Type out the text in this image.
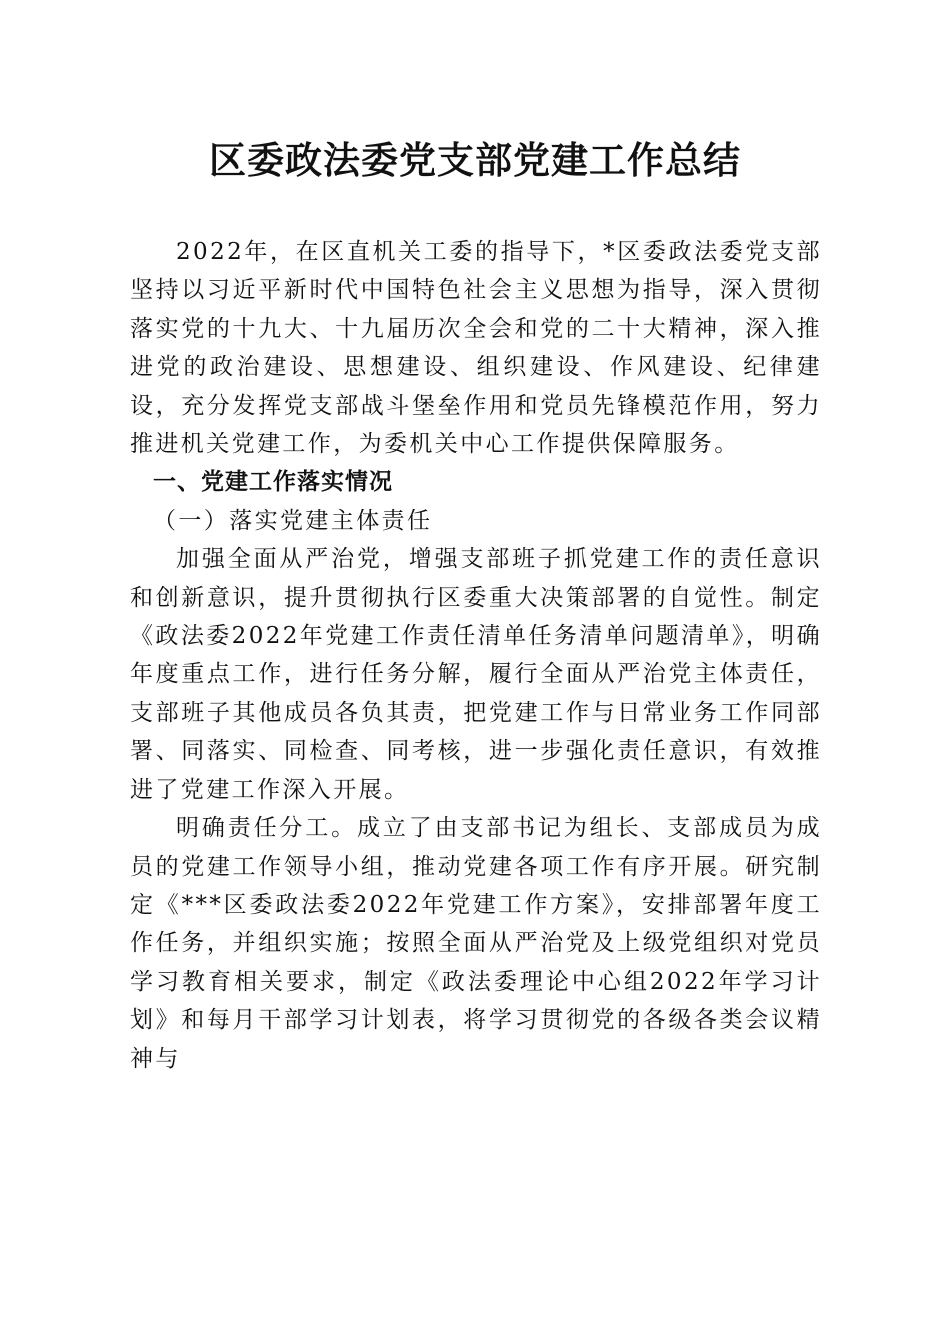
区委政法委党支部党建工作总结

2022年，在区直机关工委的指导下，*区委政法委党支部坚持以习近平新时代中国特色社会主义思想为指导，深入贯彻落实党的十九大、十九届历次全会和党的二十大精神，深入推进党的政治建设、思想建设、组织建设、作风建设、纪律建设，充分发挥党支部战斗堡垒作用和党员先锋模范作用，努力推进机关党建工作，为委机关中心工作提供保障服务。

一、党建工作落实情况
（一）落实党建主体责任

加强全面从严治党，增强支部班子抓党建工作的责任意识和创新意识，提升贯彻执行区委重大决策部署的自觉性。制定《政法委2022年党建工作责任清单任务清单问题清单》，明确年度重点工作，进行任务分解，履行全面从严治党主体责任，支部班子其他成员各负其责，把党建工作与日常业务工作同部署、同落实、同检查、同考核，进一步强化责任意识，有效推进了党建工作深入开展。

明确责任分工。成立了由支部书记为组长、支部成员为成员的党建工作领导小组，推动党建各项工作有序开展。研究制定《***区委政法委2022年党建工作方案》，安排部署年度工作任务，并组织实施；按照全面从严治党及上级党组织对党员学习教育相关要求，制定《政法委理论中心组2022年学习计划》和每月干部学习计划表，将学习贯彻党的各级各类会议精神与
